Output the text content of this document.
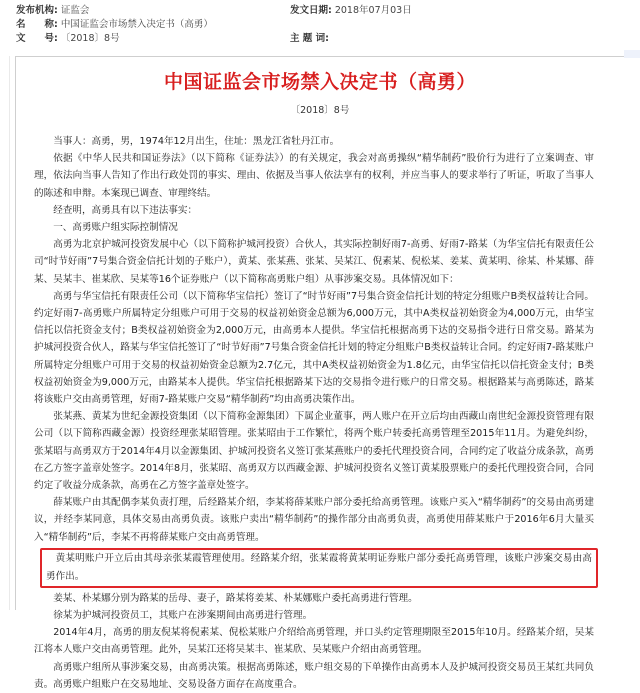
发布机构: 证监会
名　　称: 中国证监会市场禁入决定书（高勇）
文　　号: 〔2018〕8号
发文日期: 2018年07月03日
主 题 词:
中国证监会市场禁入决定书（高勇）
〔2018〕8号

当事人：高勇，男，1974年12月出生，住址：黑龙江省牡丹江市。

依据《中华人民共和国证券法》（以下简称《证券法》）的有关规定，我会对高勇操纵“精华制药”股价行为进行了立案调查、审理，依法向当事人告知了作出行政处罚的事实、理由、依据及当事人依法享有的权利，并应当事人的要求举行了听证，听取了当事人的陈述和申辩。本案现已调查、审理终结。

经查明，高勇具有以下违法事实：

一、高勇账户组实际控制情况

高勇为北京护城河投资发展中心（以下简称护城河投资）合伙人，其实际控制好雨7-高勇、好雨7-路某（为华宝信托有限责任公司“时节好雨”7号集合资金信托计划的子账户），黄某、张某燕、张某、吴某江、倪素某、倪松某、姜某、黄某明、徐某、朴某娜、薛某、吴某丰、崔某欣、吴某等16个证券账户（以下简称高勇账户组）从事涉案交易。具体情况如下：

高勇与华宝信托有限责任公司（以下简称华宝信托）签订了“时节好雨”7号集合资金信托计划的特定分组账户B类权益转让合同。约定好雨7-高勇账户所属特定分组账户可用于交易的权益初始资金总额为6,000万元，其中A类权益初始资金为4,000万元，由华宝信托以信托资金支付；B类权益初始资金为2,000万元，由高勇本人提供。华宝信托根据高勇下达的交易指令进行日常交易。路某为护城河投资合伙人，路某与华宝信托签订了“时节好雨”7号集合资金信托计划的特定分组账户B类权益转让合同。约定好雨7-路某账户所属特定分组账户可用于交易的权益初始资金总额为2.7亿元，其中A类权益初始资金为1.8亿元，由华宝信托以信托资金支付；B类权益初始资金为9,000万元，由路某本人提供。华宝信托根据路某下达的交易指令进行账户的日常交易。根据路某与高勇陈述，路某将该账户交由高勇管理，好雨7-路某账户交易“精华制药”均由高勇决策作出。

张某燕、黄某为世纪金源投资集团（以下简称金源集团）下属企业董事，两人账户在开立后均由西藏山南世纪金源投资管理有限公司（以下简称西藏金源）投资经理张某昭管理。张某昭由于工作繁忙，将两个账户转委托高勇管理至2015年11月。为避免纠纷，张某昭与高勇双方于2014年4月以金源集团、护城河投资名义签订张某燕账户的委托代理投资合同，合同约定了收益分成条款，高勇在乙方签字盖章处签字。2014年8月，张某昭、高勇双方以西藏金源、护城河投资名义签订黄某股票账户的委托代理投资合同，合同约定了收益分成条款，高勇在乙方签字盖章处签字。

薛某账户由其配偶李某负责打理，后经路某介绍，李某将薛某账户部分委托给高勇管理。该账户买入“精华制药”的交易由高勇建议，并经李某同意，具体交易由高勇负责。该账户卖出“精华制药”的操作部分由高勇负责，高勇使用薛某账户于2016年6月大量买入“精华制药”后，李某不再将薛某账户交由高勇管理。

黄某明账户开立后由其母亲张某霞管理使用。经路某介绍，张某霞将黄某明证券账户部分委托高勇管理，该账户涉案交易由高勇作出。

姜某、朴某娜分别为路某的岳母、妻子，路某将姜某、朴某娜账户委托高勇进行管理。

徐某为护城河投资员工，其账户在涉案期间由高勇进行管理。

2014年4月，高勇的朋友倪某将倪素某、倪松某账户介绍给高勇管理，并口头约定管理期限至2015年10月。经路某介绍，吴某江将本人账户交由高勇管理。此外，吴某江还将吴某丰、崔某欣、吴某账户介绍由高勇管理。

高勇账户组所从事涉案交易，由高勇决策。根据高勇陈述，账户组交易的下单操作由高勇本人及护城河投资交易员王某红共同负责。高勇账户组账户在交易地址、交易设备方面存在高度重合。
